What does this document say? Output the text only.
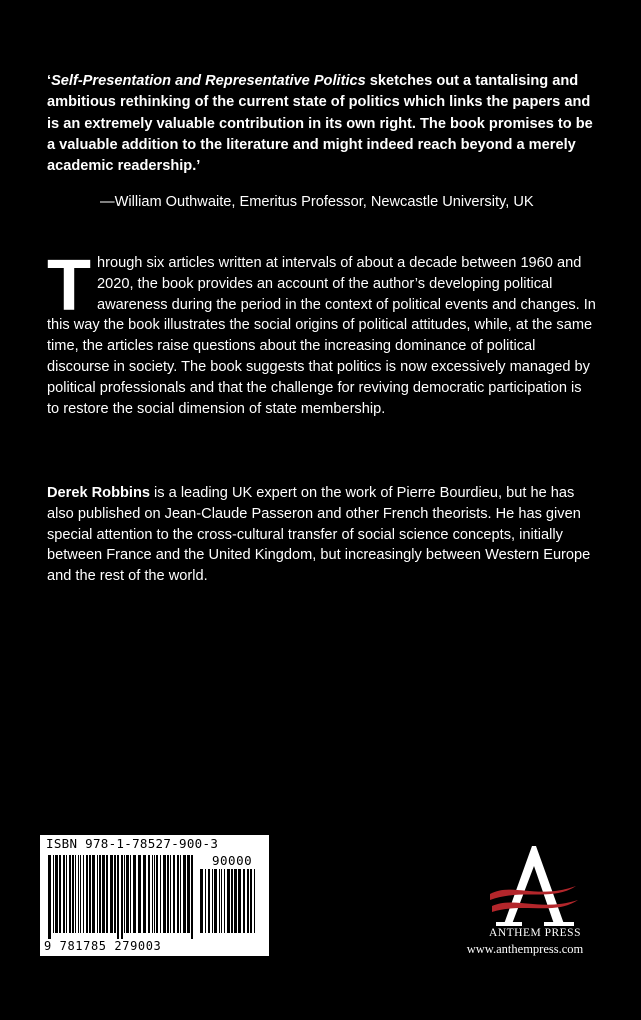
‘Self-Presentation and Representative Politics sketches out a tantalising and ambitious rethinking of the current state of politics which links the papers and is an extremely valuable contribution in its own right. The book promises to be a valuable addition to the literature and might indeed reach beyond a merely academic readership.’

—William Outhwaite, Emeritus Professor, Newcastle University, UK

Through six articles written at intervals of about a decade between 1960 and 2020, the book provides an account of the author’s developing political awareness during the period in the context of political events and changes. In this way the book illustrates the social origins of political attitudes, while, at the same time, the articles raise questions about the increasing dominance of political discourse in society. The book suggests that politics is now excessively managed by political professionals and that the challenge for reviving democratic participation is to restore the social dimension of state membership.

Derek Robbins is a leading UK expert on the work of Pierre Bourdieu, but he has also published on Jean-Claude Passeron and other French theorists. He has given special attention to the cross-cultural transfer of social science concepts, initially between France and the United Kingdom, but increasingly between Western Europe and the rest of the world.

ISBN 978-1-78527-900-3
90000
9 781785 279003

ANTHEM PRESS

www.anthempress.com
